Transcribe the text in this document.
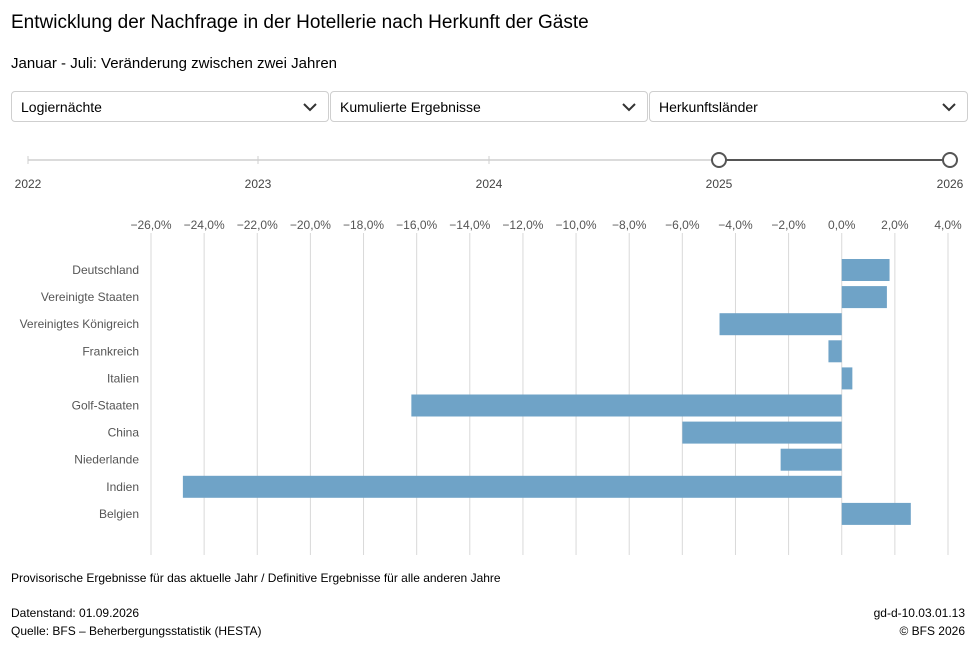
Entwicklung der Nachfrage in der Hotellerie nach Herkunft der Gäste
Januar - Juli: Veränderung zwischen zwei Jahren
Logiernächte	Kumulierte Ergebnisse	Herkunftsländer
2022	2023	2024	2025	2026
−26,0% −24,0% −22,0% −20,0% −18,0% −16,0% −14,0% −12,0% −10,0% −8,0% −6,0% −4,0% −2,0% 0,0% 2,0% 4,0%
Deutschland
Vereinigte Staaten
Vereinigtes Königreich
Frankreich
Italien
Golf-Staaten
China
Niederlande
Indien
Belgien
Provisorische Ergebnisse für das aktuelle Jahr / Definitive Ergebnisse für alle anderen Jahre
Datenstand: 01.09.2026
Quelle: BFS – Beherbergungsstatistik (HESTA)
gd-d-10.03.01.13
© BFS 2026
